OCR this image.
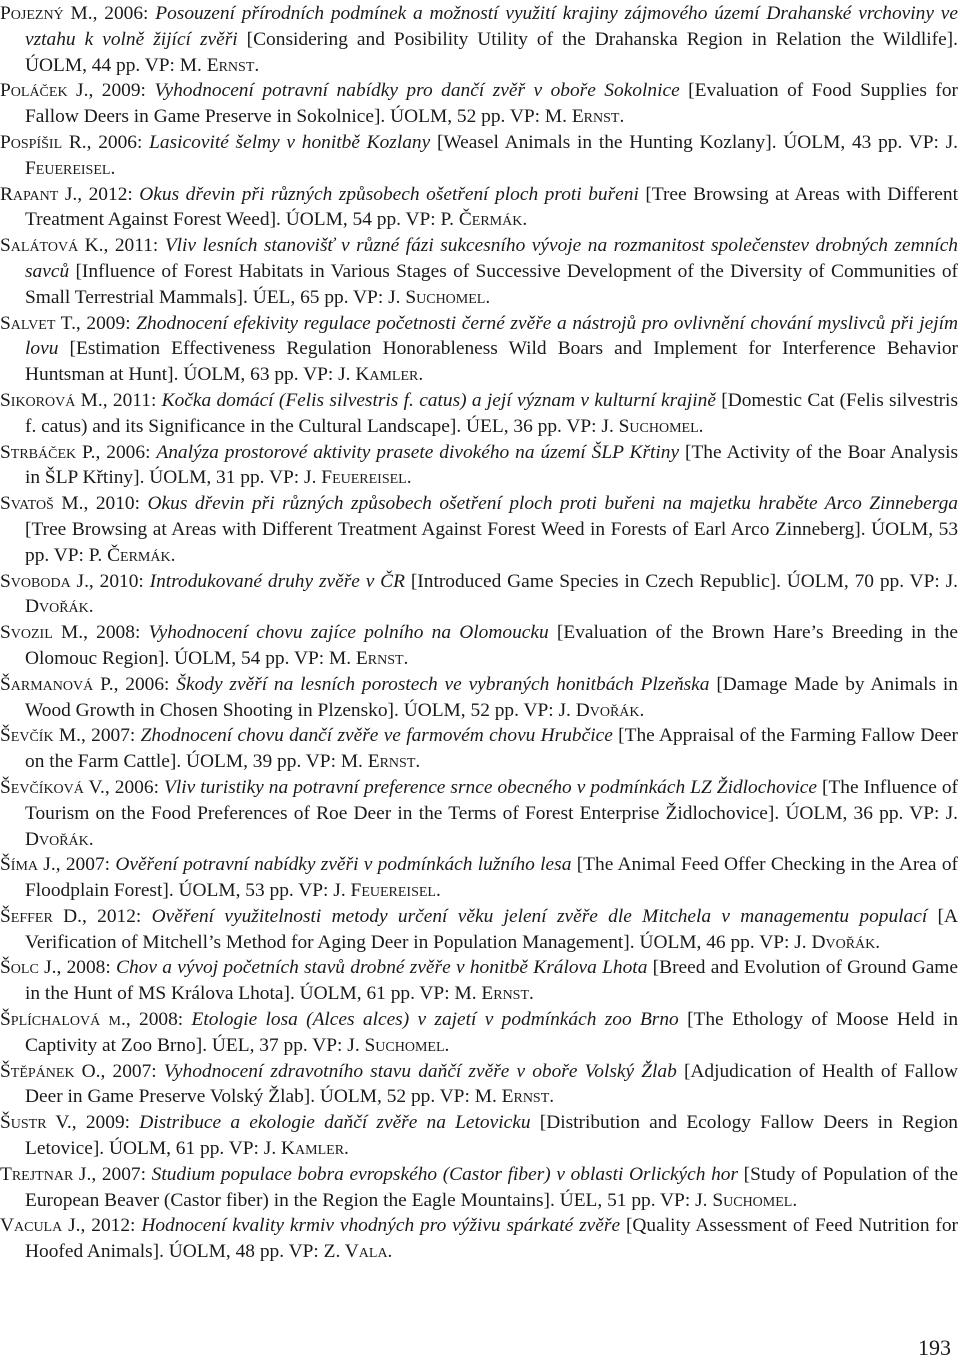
Pojezný M., 2006: Posouzení přírodních podmínek a možností využití krajiny zájmového území Drahanské vrchoviny ve vztahu k volně žijící zvěři [Considering and Posibility Utility of the Drahanska Region in Relation the Wildlife]. ÚOLM, 44 pp. VP: M. Ernst.

Poláček J., 2009: Vyhodnocení potravní nabídky pro dančí zvěř v oboře Sokolnice [Evaluation of Food Supplies for Fallow Deers in Game Preserve in Sokolnice]. ÚOLM, 52 pp. VP: M. Ernst.

Pospíšil R., 2006: Lasicovité šelmy v honitbě Kozlany [Weasel Animals in the Hunting Kozlany]. ÚOLM, 43 pp. VP: J. Feuereisel.

Rapant J., 2012: Okus dřevin při různých způsobech ošetření ploch proti buřeni [Tree Browsing at Areas with Different Treatment Against Forest Weed]. ÚOLM, 54 pp. VP: P. Čermák.

Salátová K., 2011: Vliv lesních stanovišť v různé fázi sukcesního vývoje na rozmanitost společenstev drobných zemních savců [Influence of Forest Habitats in Various Stages of Successive Development of the Diversity of Communities of Small Terrestrial Mammals]. ÚEL, 65 pp. VP: J. Suchomel.

Salvet T., 2009: Zhodnocení efekivity regulace početnosti černé zvěře a nástrojů pro ovlivnění chování myslivců při jejím lovu [Estimation Effectiveness Regulation Honorableness Wild Boars and Implement for Interference Behavior Huntsman at Hunt]. ÚOLM, 63 pp. VP: J. Kamler.

Sikorová M., 2011: Kočka domácí (Felis silvestris f. catus) a její význam v kulturní krajině [Domestic Cat (Felis silvestris f. catus) and its Significance in the Cultural Landscape]. ÚEL, 36 pp. VP: J. Suchomel.

Strbáček P., 2006: Analýza prostorové aktivity prasete divokého na území ŠLP Křtiny [The Activity of the Boar Analysis in ŠLP Křtiny]. ÚOLM, 31 pp. VP: J. Feuereisel.

Svatoš M., 2010: Okus dřevin při různých způsobech ošetření ploch proti buřeni na majetku hraběte Arco Zinneberga [Tree Browsing at Areas with Different Treatment Against Forest Weed in Forests of Earl Arco Zinneberg]. ÚOLM, 53 pp. VP: P. Čermák.

Svoboda J., 2010: Introdukované druhy zvěře v ČR [Introduced Game Species in Czech Republic]. ÚOLM, 70 pp. VP: J. Dvořák.

Svozil M., 2008: Vyhodnocení chovu zajíce polního na Olomoucku [Evaluation of the Brown Hare’s Breeding in the Olomouc Region]. ÚOLM, 54 pp. VP: M. Ernst.

Šarmanová P., 2006: Škody zvěří na lesních porostech ve vybraných honitbách Plzeňska [Damage Made by Animals in Wood Growth in Chosen Shooting in Plzensko]. ÚOLM, 52 pp. VP: J. Dvořák.

Ševčík M., 2007: Zhodnocení chovu dančí zvěře ve farmovém chovu Hrubčice [The Appraisal of the Farming Fallow Deer on the Farm Cattle]. ÚOLM, 39 pp. VP: M. Ernst.

Ševčíková V., 2006: Vliv turistiky na potravní preference srnce obecného v podmínkách LZ Židlochovice [The Influence of Tourism on the Food Preferences of Roe Deer in the Terms of Forest Enterprise Židlochovice]. ÚOLM, 36 pp. VP: J. Dvořák.

Šíma J., 2007: Ověření potravní nabídky zvěři v podmínkách lužního lesa [The Animal Feed Offer Checking in the Area of Floodplain Forest]. ÚOLM, 53 pp. VP: J. Feuereisel.

Šeffer D., 2012: Ověření využitelnosti metody určení věku jelení zvěře dle Mitchela v managementu populací [A Verification of Mitchell’s Method for Aging Deer in Population Management]. ÚOLM, 46 pp. VP: J. Dvořák.

Šolc J., 2008: Chov a vývoj početních stavů drobné zvěře v honitbě Králova Lhota [Breed and Evolution of Ground Game in the Hunt of MS Králova Lhota]. ÚOLM, 61 pp. VP: M. Ernst.

Šplíchalová m., 2008: Etologie losa (Alces alces) v zajetí v podmínkách zoo Brno [The Ethology of Moose Held in Captivity at Zoo Brno]. ÚEL, 37 pp. VP: J. Suchomel.

Štěpánek O., 2007: Vyhodnocení zdravotního stavu daňčí zvěře v oboře Volský Žlab [Adjudication of Health of Fallow Deer in Game Preserve Volský Žlab]. ÚOLM, 52 pp. VP: M. Ernst.

Šustr V., 2009: Distribuce a ekologie daňčí zvěře na Letovicku [Distribution and Ecology Fallow Deers in Region Letovice]. ÚOLM, 61 pp. VP: J. Kamler.

Trejtnar J., 2007: Studium populace bobra evropského (Castor fiber) v oblasti Orlických hor [Study of Population of the European Beaver (Castor fiber) in the Region the Eagle Mountains]. ÚEL, 51 pp. VP: J. Suchomel.

Vacula J., 2012: Hodnocení kvality krmiv vhodných pro výživu spárkaté zvěře [Quality Assessment of Feed Nutrition for Hoofed Animals]. ÚOLM, 48 pp. VP: Z. Vala.

193
